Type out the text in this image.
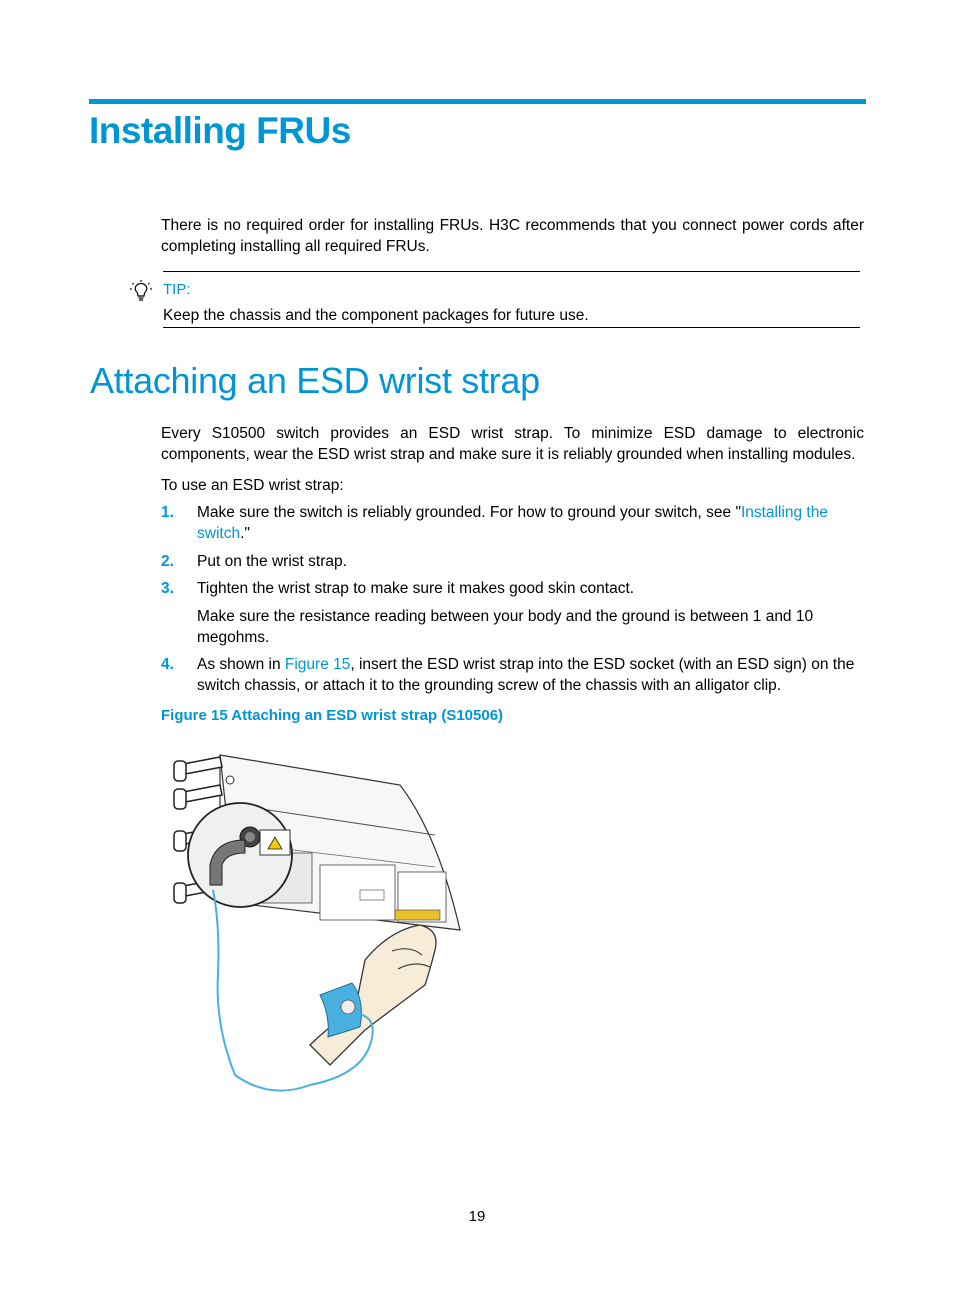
Installing FRUs

There is no required order for installing FRUs. H3C recommends that you connect power cords after completing installing all required FRUs.

TIP:
Keep the chassis and the component packages for future use.
Attaching an ESD wrist strap

Every S10500 switch provides an ESD wrist strap. To minimize ESD damage to electronic components, wear the ESD wrist strap and make sure it is reliably grounded when installing modules.

To use an ESD wrist strap:

1. Make sure the switch is reliably grounded. For how to ground your switch, see "Installing the switch."
2. Put on the wrist strap.
3. Tighten the wrist strap to make sure it makes good skin contact.
Make sure the resistance reading between your body and the ground is between 1 and 10 megohms.
4. As shown in Figure 15, insert the ESD wrist strap into the ESD socket (with an ESD sign) on the switch chassis, or attach it to the grounding screw of the chassis with an alligator clip.
Figure 15 Attaching an ESD wrist strap (S10506)
19
